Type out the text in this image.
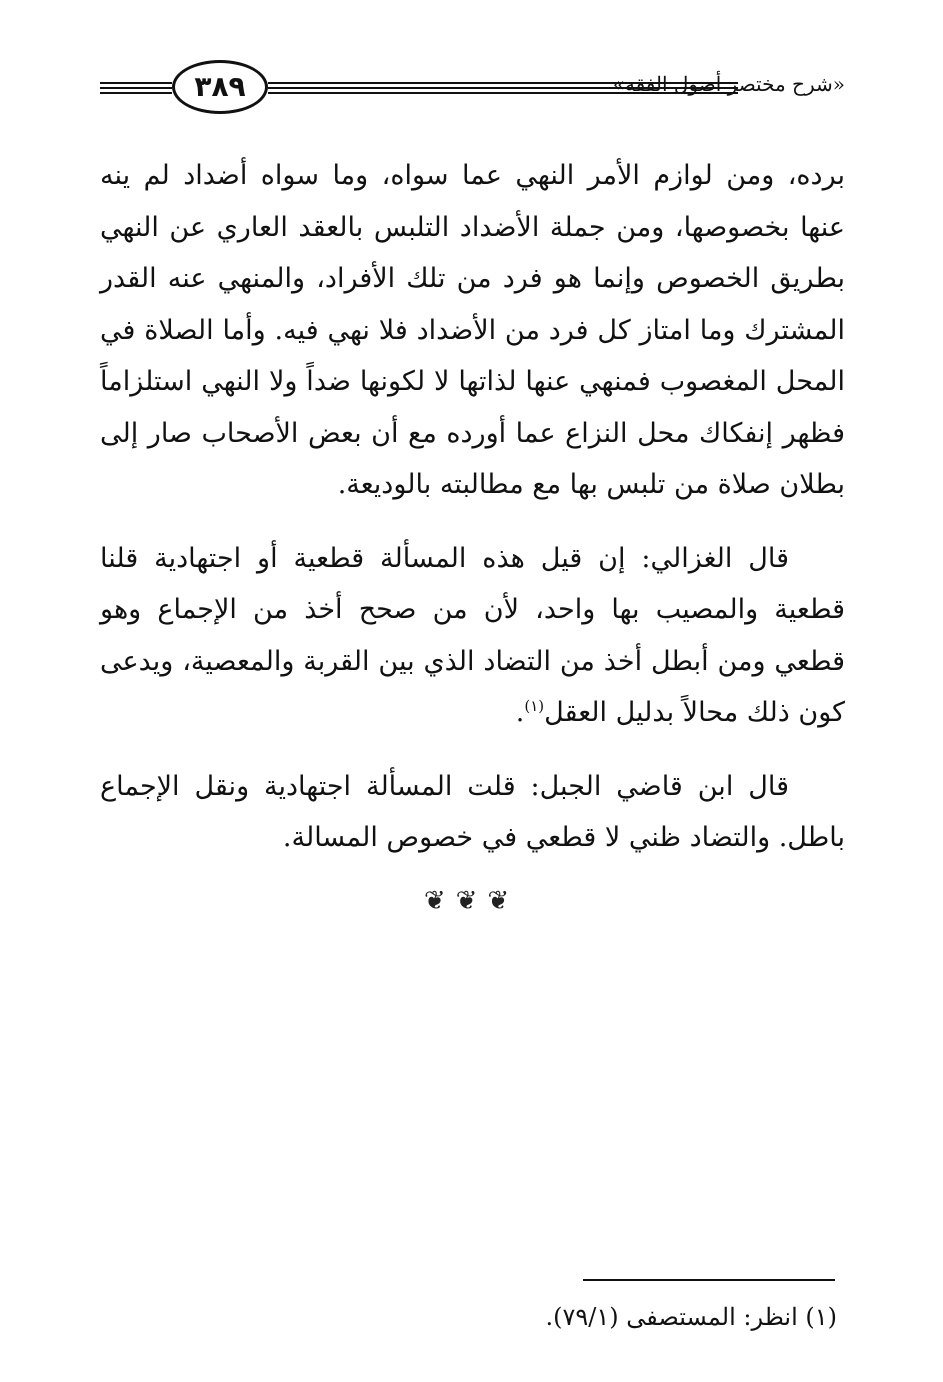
٣٨٩	«شرح مختصر أصول الفقه»

برده، ومن لوازم الأمر النهي عما سواه، وما سواه أضداد لم ينه عنها بخصوصها، ومن جملة الأضداد التلبس بالعقد العاري عن النهي بطريق الخصوص وإنما هو فرد من تلك الأفراد، والمنهي عنه القدر المشترك وما امتاز كل فرد من الأضداد فلا نهي فيه. وأما الصلاة في المحل المغصوب فمنهي عنها لذاتها لا لكونها ضداً ولا النهي استلزاماً فظهر إنفكاك محل النزاع عما أورده مع أن بعض الأصحاب صار إلى بطلان صلاة من تلبس بها مع مطالبته بالوديعة.

قال الغزالي: إن قيل هذه المسألة قطعية أو اجتهادية قلنا قطعية والمصيب بها واحد، لأن من صحح أخذ من الإجماع وهو قطعي ومن أبطل أخذ من التضاد الذي بين القربة والمعصية، ويدعى كون ذلك محالاً بدليل العقل$^{(١)}$.

قال ابن قاضي الجبل: قلت المسألة اجتهادية ونقل الإجماع باطل. والتضاد ظني لا قطعي في خصوص المسالة.

❦❦❦
(١) انظر: المستصفى (٧٩/١).
